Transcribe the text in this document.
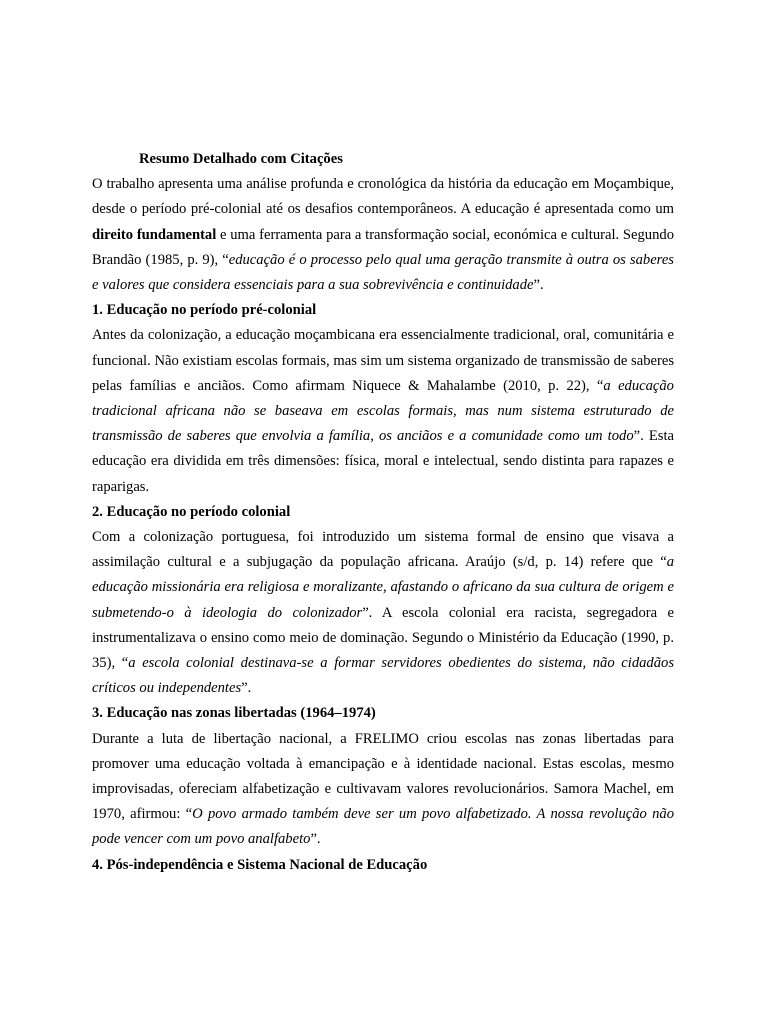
Resumo Detalhado com Citações

O trabalho apresenta uma análise profunda e cronológica da história da educação em Moçambique, desde o período pré-colonial até os desafios contemporâneos. A educação é apresentada como um direito fundamental e uma ferramenta para a transformação social, económica e cultural. Segundo Brandão (1985, p. 9), “educação é o processo pelo qual uma geração transmite à outra os saberes e valores que considera essenciais para a sua sobrevivência e continuidade”.

1. Educação no período pré-colonial

Antes da colonização, a educação moçambicana era essencialmente tradicional, oral, comunitária e funcional. Não existiam escolas formais, mas sim um sistema organizado de transmissão de saberes pelas famílias e anciãos. Como afirmam Niquece & Mahalambe (2010, p. 22), “a educação tradicional africana não se baseava em escolas formais, mas num sistema estruturado de transmissão de saberes que envolvia a família, os anciãos e a comunidade como um todo”. Esta educação era dividida em três dimensões: física, moral e intelectual, sendo distinta para rapazes e raparigas.

2. Educação no período colonial

Com a colonização portuguesa, foi introduzido um sistema formal de ensino que visava a assimilação cultural e a subjugação da população africana. Araújo (s/d, p. 14) refere que “a educação missionária era religiosa e moralizante, afastando o africano da sua cultura de origem e submetendo-o à ideologia do colonizador”. A escola colonial era racista, segregadora e instrumentalizava o ensino como meio de dominação. Segundo o Ministério da Educação (1990, p. 35), “a escola colonial destinava-se a formar servidores obedientes do sistema, não cidadãos críticos ou independentes”.

3. Educação nas zonas libertadas (1964–1974)

Durante a luta de libertação nacional, a FRELIMO criou escolas nas zonas libertadas para promover uma educação voltada à emancipação e à identidade nacional. Estas escolas, mesmo improvisadas, ofereciam alfabetização e cultivavam valores revolucionários. Samora Machel, em 1970, afirmou: “O povo armado também deve ser um povo alfabetizado. A nossa revolução não pode vencer com um povo analfabeto”.

4. Pós-independência e Sistema Nacional de Educação
